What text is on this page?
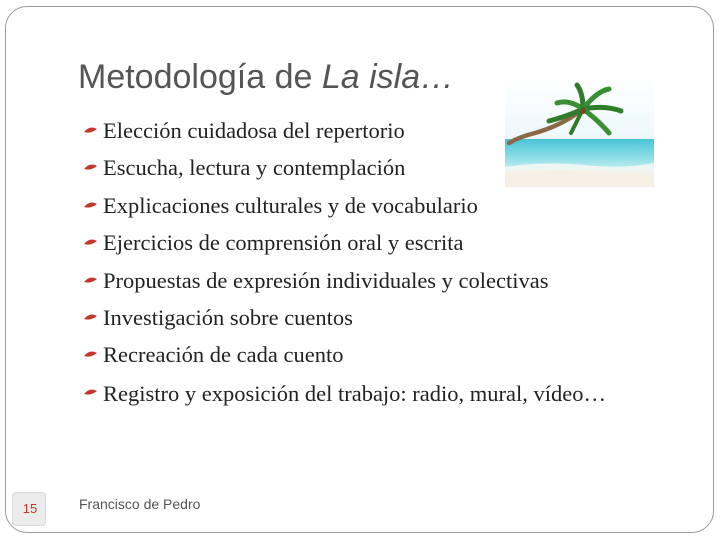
Metodología de La isla…
Elección cuidadosa del repertorio
Escucha, lectura y contemplación
Explicaciones culturales y de vocabulario
Ejercicios de comprensión oral y escrita
Propuestas de expresión individuales y colectivas
Investigación sobre cuentos
Recreación de cada cuento
Registro y exposición del trabajo: radio, mural, vídeo…
15	Francisco de Pedro
